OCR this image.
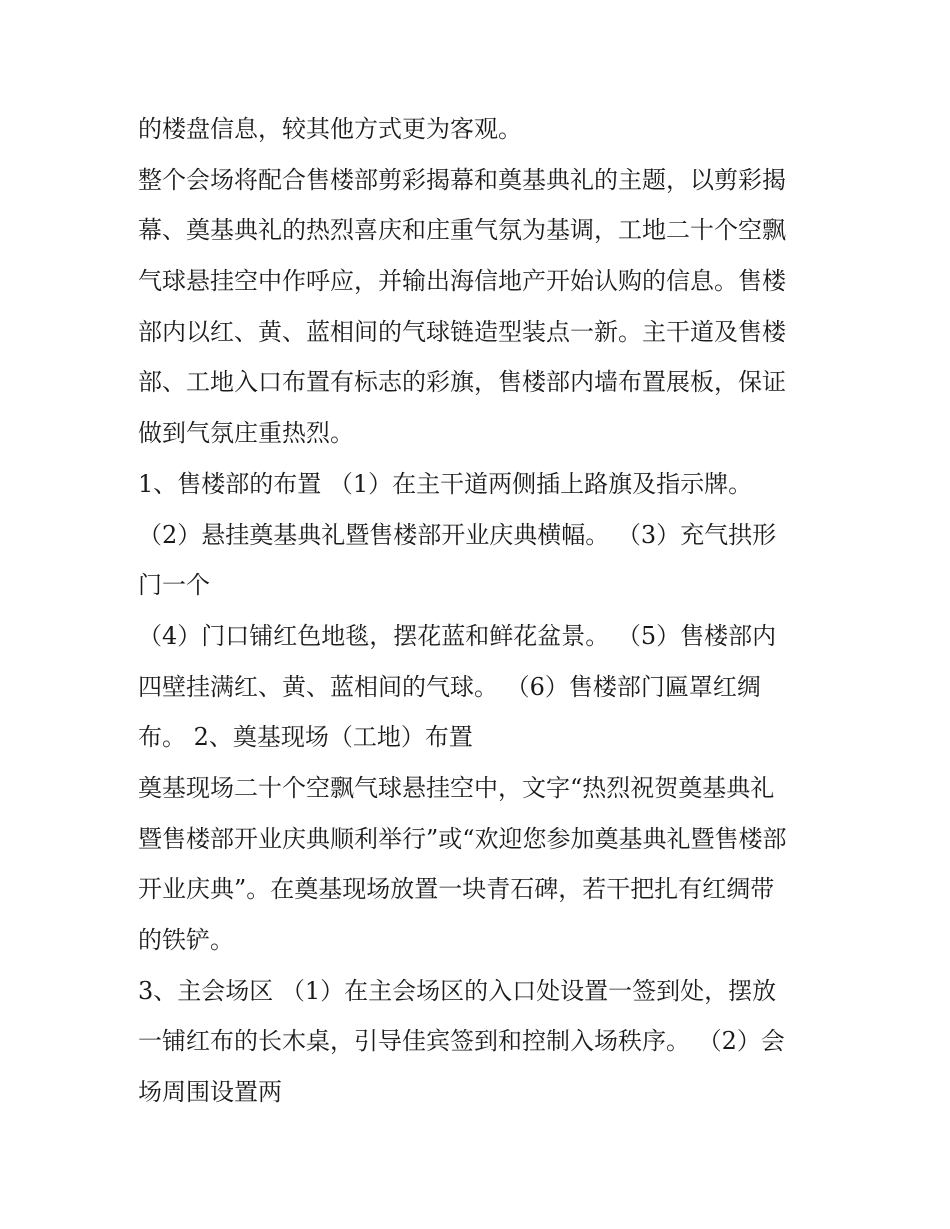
的楼盘信息，较其他方式更为客观。
整个会场将配合售楼部剪彩揭幕和奠基典礼的主题，以剪彩揭
幕、奠基典礼的热烈喜庆和庄重气氛为基调，工地二十个空飘
气球悬挂空中作呼应，并输出海信地产开始认购的信息。售楼
部内以红、黄、蓝相间的气球链造型装点一新。主干道及售楼
部、工地入口布置有标志的彩旗，售楼部内墙布置展板，保证
做到气氛庄重热烈。
1、售楼部的布置 （1）在主干道两侧插上路旗及指示牌。
（2）悬挂奠基典礼暨售楼部开业庆典横幅。 （3）充气拱形
门一个
（4）门口铺红色地毯，摆花蓝和鲜花盆景。 （5）售楼部内
四壁挂满红、黄、蓝相间的气球。 （6）售楼部门匾罩红绸
布。 2、奠基现场（工地）布置
奠基现场二十个空飘气球悬挂空中，文字“热烈祝贺奠基典礼
暨售楼部开业庆典顺利举行”或“欢迎您参加奠基典礼暨售楼部
开业庆典”。在奠基现场放置一块青石碑，若干把扎有红绸带
的铁铲。
3、主会场区 （1）在主会场区的入口处设置一签到处，摆放
一铺红布的长木桌，引导佳宾签到和控制入场秩序。 （2）会
场周围设置两
